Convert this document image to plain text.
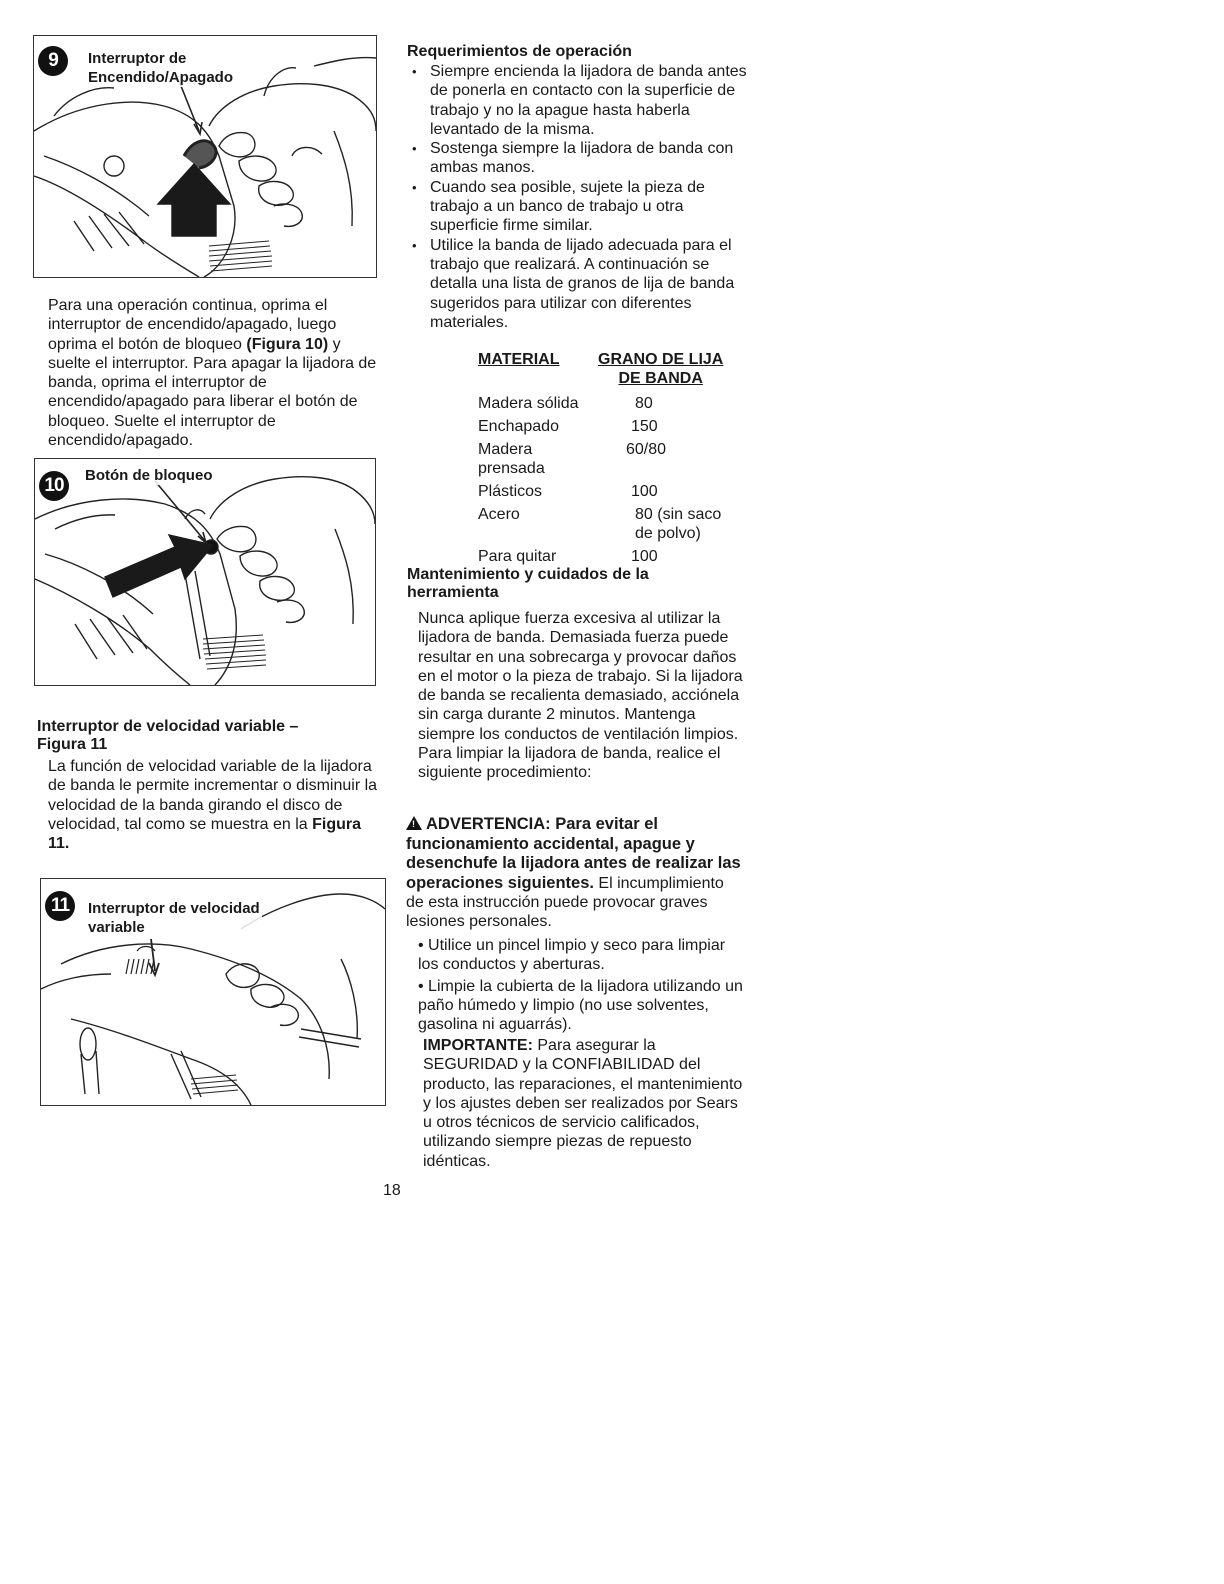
9	Interruptor de
Encendido/Apagado
Para una operación continua, oprima el interruptor de encendido/apagado, luego oprima el botón de bloqueo (Figura 10) y suelte el interruptor. Para apagar la lijadora de banda, oprima el interruptor de encendido/apagado para liberar el botón de bloqueo. Suelte el interruptor de encendido/apagado.
10	Botón de bloqueo
Interruptor de velocidad variable –
Figura 11
La función de velocidad variable de la lijadora de banda le permite incrementar o disminuir la velocidad de la banda girando el disco de velocidad, tal como se muestra en la Figura 11.
11	Interruptor de velocidad
variable
Requerimientos de operación
• Siempre encienda la lijadora de banda antes de ponerla en contacto con la superficie de trabajo y no la apague hasta haberla levantado de la misma.
• Sostenga siempre la lijadora de banda con ambas manos.
• Cuando sea posible, sujete la pieza de trabajo a un banco de trabajo u otra superficie firme similar.
• Utilice la banda de lijado adecuada para el trabajo que realizará. A continuación se detalla una lista de granos de lija de banda sugeridos para utilizar con diferentes materiales.
MATERIAL	GRANO DE LIJA
DE BANDA

Madera sólida	80
Enchapado	150
Madera prensada	60/80
Plásticos	100
Acero	80 (sin saco
de polvo)

Para quitar	100
Mantenimiento y cuidados de la
herramienta
Nunca aplique fuerza excesiva al utilizar la lijadora de banda. Demasiada fuerza puede resultar en una sobrecarga y provocar daños en el motor o la pieza de trabajo. Si la lijadora de banda se recalienta demasiado, acciónela sin carga durante 2 minutos. Mantenga siempre los conductos de ventilación limpios. Para limpiar la lijadora de banda, realice el siguiente procedimiento:
! ADVERTENCIA: Para evitar el funcionamiento accidental, apague y desenchufe la lijadora antes de realizar las operaciones siguientes. El incumplimiento de esta instrucción puede provocar graves lesiones personales.

• Utilice un pincel limpio y seco para limpiar los conductos y aberturas.

• Limpie la cubierta de la lijadora utilizando un paño húmedo y limpio (no use solventes, gasolina ni aguarrás).

IMPORTANTE: Para asegurar la SEGURIDAD y la CONFIABILIDAD del producto, las reparaciones, el mantenimiento y los ajustes deben ser realizados por Sears u otros técnicos de servicio calificados, utilizando siempre piezas de repuesto idénticas.
18
